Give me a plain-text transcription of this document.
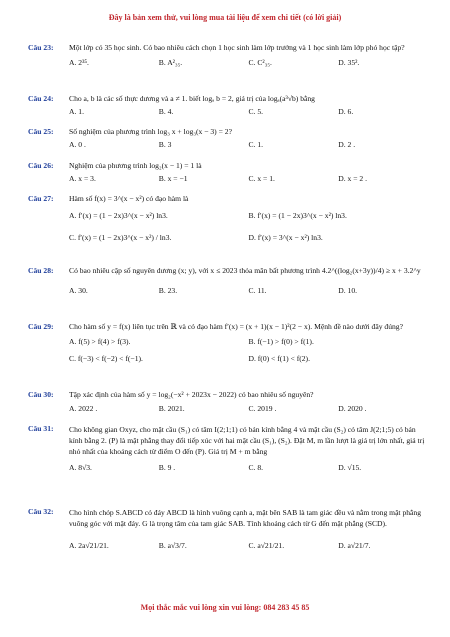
Đây là bản xem thử, vui lòng mua tài liệu để xem chi tiết (có lời giải)
Câu 23: Một lớp có 35 học sinh. Có bao nhiêu cách chọn 1 học sinh làm lớp trưởng và 1 học sinh làm lớp phó học tập?
A. 2³⁵.	B. A²₃₅.	C. C²₃₅.	D. 35².
Câu 24: Cho a, b là các số thực dương và a ≠ 1. biết logₐ b = 2, giá trị của logₐ(a³√b) bằng
A. 1.	B. 4.	C. 5.	D. 6.
Câu 25: Số nghiệm của phương trình log₃ x + log₃(x − 3) = 2?
A. 0 .	B. 3	C. 1.	D. 2 .
Câu 26: Nghiệm của phương trình log₂(x − 1) = 1 là
A. x = 3.	B. x = −1	C. x = 1.	D. x = 2 .
Câu 27: Hàm số f(x) = 3^(x − x²) có đạo hàm là
A. f′(x) = (1 − 2x)3^(x − x²) ln3.	B. f′(x) = (1 − 2x)3^(x − x²) ln3.
C. f′(x) = (1 − 2x)3^(x − x²) / ln3.	D. f′(x) = 3^(x − x²) ln3.
Câu 28: Có bao nhiêu cặp số nguyên dương (x; y), với x ≤ 2023 thỏa mãn bất phương trình 4.2^((log₂(x+3y))/4) ≥ x + 3.2^y
A. 30.	B. 23.	C. 11.	D. 10.
Câu 29: Cho hàm số y = f(x) liên tục trên ℝ và có đạo hàm f′(x) = (x + 1)(x − 1)²(2 − x). Mệnh đề nào dưới đây đúng?
A. f(5) > f(4) > f(3).	B. f(−1) > f(0) > f(1).
C. f(−3) < f(−2) < f(−1).	D. f(0) < f(1) < f(2).
Câu 30: Tập xác định của hàm số y = log₂(−x² + 2023x − 2022) có bao nhiêu số nguyên?
A. 2022 .	B. 2021.	C. 2019 .	D. 2020 .
Câu 31: Cho không gian Oxyz, cho mặt cầu (S₁) có tâm I(2;1;1) có bán kính bằng 4 và mặt cầu (S₂) có tâm J(2;1;5) có bán kính bằng 2. (P) là mặt phẳng thay đổi tiếp xúc với hai mặt cầu (S₁), (S₂). Đặt M, m lần lượt là giá trị lớn nhất, giá trị nhỏ nhất của khoảng cách từ điểm O đến (P). Giá trị M + m bằng
A. 8√3.	B. 9 .	C. 8.	D. √15.
Câu 32: Cho hình chóp S.ABCD có đáy ABCD là hình vuông cạnh a, mặt bên SAB là tam giác đều và nằm trong mặt phẳng vuông góc với mặt đáy. G là trọng tâm của tam giác SAB. Tính khoảng cách từ G đến mặt phẳng (SCD).
A. 2a√21/21.	B. a√3/7.	C. a√21/21.	D. a√21/7.
Mọi thắc mắc vui lòng xin vui lòng: 084 283 45 85
